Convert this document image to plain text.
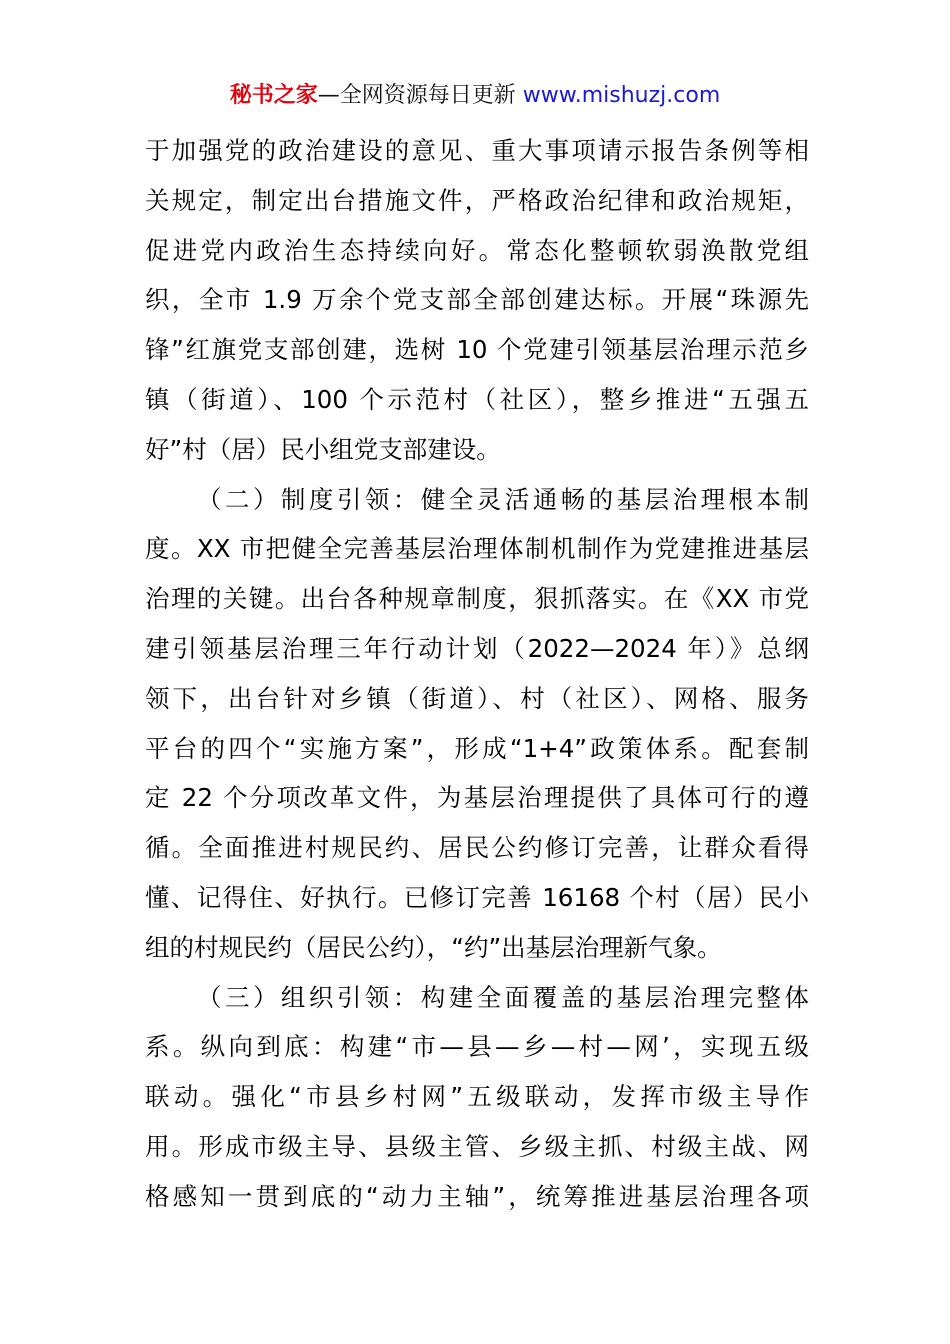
秘书之家—全网资源每日更新 www.mishuzj.com
于加强党的政治建设的意见、重大事项请示报告条例等相
关规定，制定出台措施文件，严格政治纪律和政治规矩，
促进党内政治生态持续向好。常态化整顿软弱涣散党组
织，全市 1.9 万余个党支部全部创建达标。开展“珠源先
锋”红旗党支部创建，选树 10 个党建引领基层治理示范乡
镇（街道）、100 个示范村（社区），整乡推进“五强五
好”村（居）民小组党支部建设。
（二）制度引领：健全灵活通畅的基层治理根本制
度。XX 市把健全完善基层治理体制机制作为党建推进基层
治理的关键。出台各种规章制度，狠抓落实。在《XX 市党
建引领基层治理三年行动计划（2022—2024 年）》总纲
领下，出台针对乡镇（街道）、村（社区）、网格、服务
平台的四个“实施方案”，形成“1+4”政策体系。配套制
定 22 个分项改革文件，为基层治理提供了具体可行的遵
循。全面推进村规民约、居民公约修订完善，让群众看得
懂、记得住、好执行。已修订完善 16168 个村（居）民小
组的村规民约（居民公约），“约”出基层治理新气象。
（三）组织引领：构建全面覆盖的基层治理完整体
系。纵向到底：构建“市—县—乡—村—网’，实现五级
联动。强化“市县乡村网”五级联动，发挥市级主导作
用。形成市级主导、县级主管、乡级主抓、村级主战、网
格感知一贯到底的“动力主轴”，统筹推进基层治理各项
